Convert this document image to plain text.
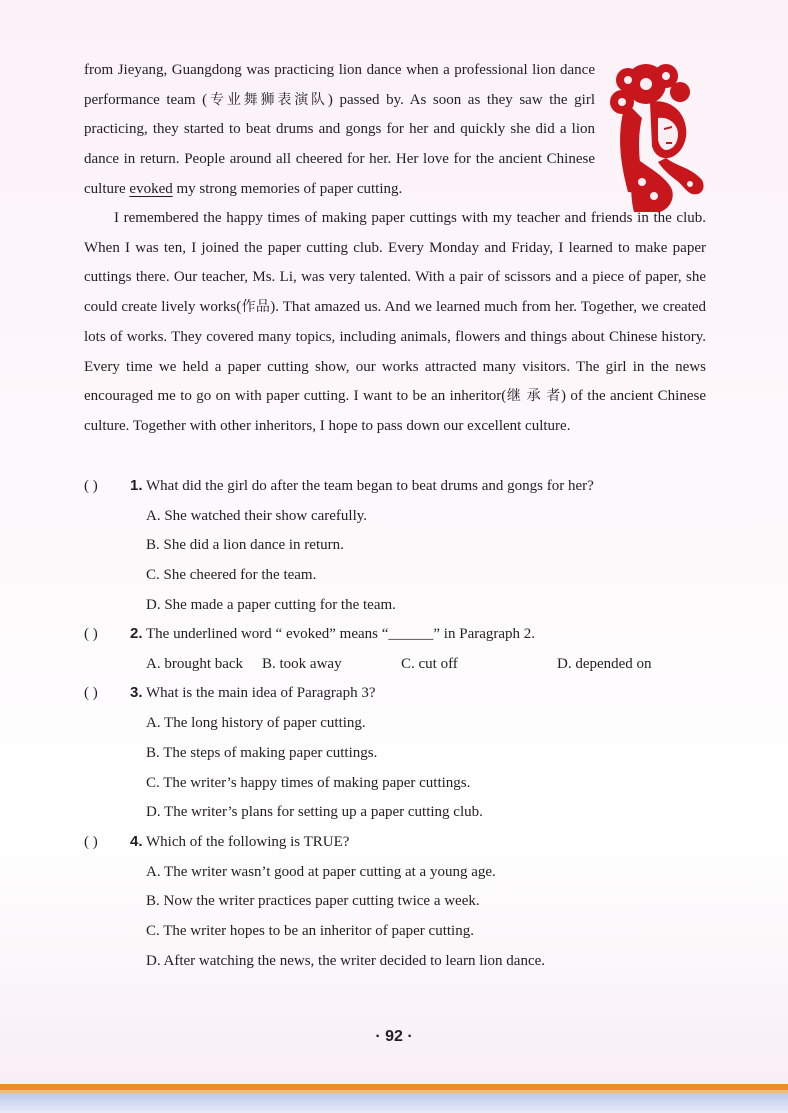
from Jieyang, Guangdong was practicing lion dance when a professional lion dance performance team (专业舞狮表演队) passed by. As soon as they saw the girl practicing, they started to beat drums and gongs for her and quickly she did a lion dance in return. People around all cheered for her. Her love for the ancient Chinese culture evoked my strong memories of paper cutting.

I remembered the happy times of making paper cuttings with my teacher and friends in the club. When I was ten, I joined the paper cutting club. Every Monday and Friday, I learned to make paper cuttings there. Our teacher, Ms. Li, was very talented. With a pair of scissors and a piece of paper, she could create lively works(作品). That amazed us. And we learned much from her. Together, we created lots of works. They covered many topics, including animals, flowers and things about Chinese history. Every time we held a paper cutting show, our works attracted many visitors. The girl in the news encouraged me to go on with paper cutting. I want to be an inheritor(继 承 者) of the ancient Chinese culture. Together with other inheritors, I hope to pass down our excellent culture.

( ) 1. What did the girl do after the team began to beat drums and gongs for her?
A. She watched their show carefully.
B. She did a lion dance in return.
C. She cheered for the team.
D. She made a paper cutting for the team.
( ) 2. The underlined word “ evoked” means “______” in Paragraph 2.
A. brought back B. took away	C. cut off	D. depended on
( ) 3. What is the main idea of Paragraph 3?
A. The long history of paper cutting.
B. The steps of making paper cuttings.
C. The writer’s happy times of making paper cuttings.
D. The writer’s plans for setting up a paper cutting club.
( ) 4. Which of the following is TRUE?
A. The writer wasn’t good at paper cutting at a young age.
B. Now the writer practices paper cutting twice a week.
C. The writer hopes to be an inheritor of paper cutting.
D. After watching the news, the writer decided to learn lion dance.
· 92 ·
